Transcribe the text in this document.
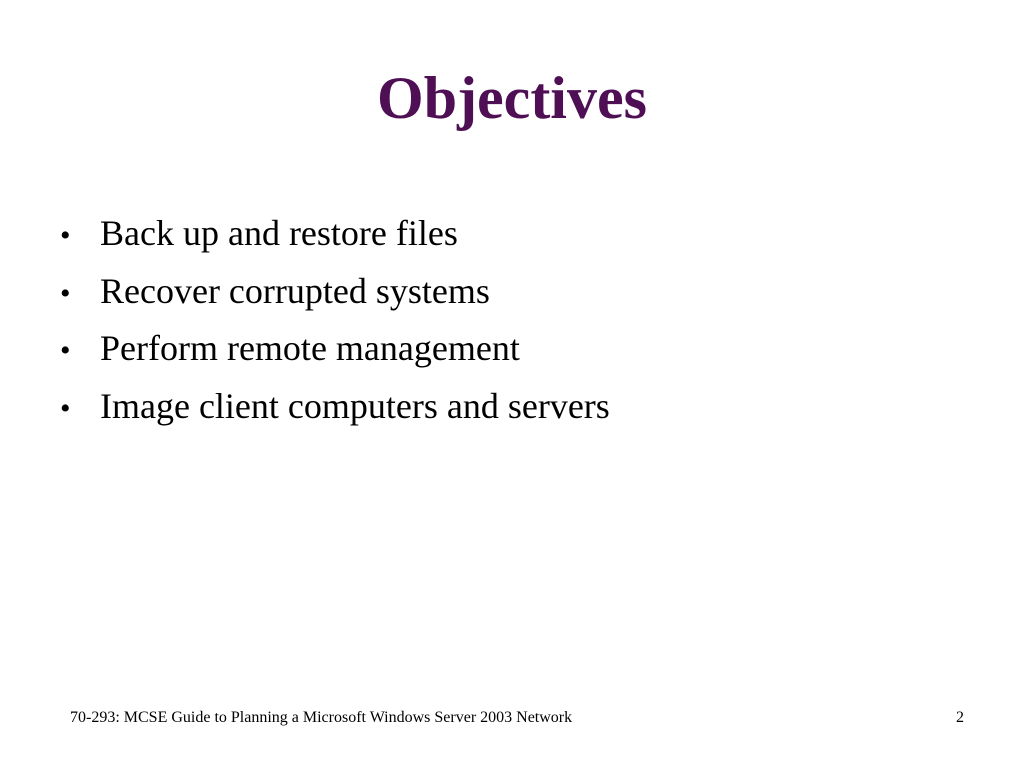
Objectives
• Back up and restore files
• Recover corrupted systems
• Perform remote management
• Image client computers and servers
70-293: MCSE Guide to Planning a Microsoft Windows Server 2003 Network	2
